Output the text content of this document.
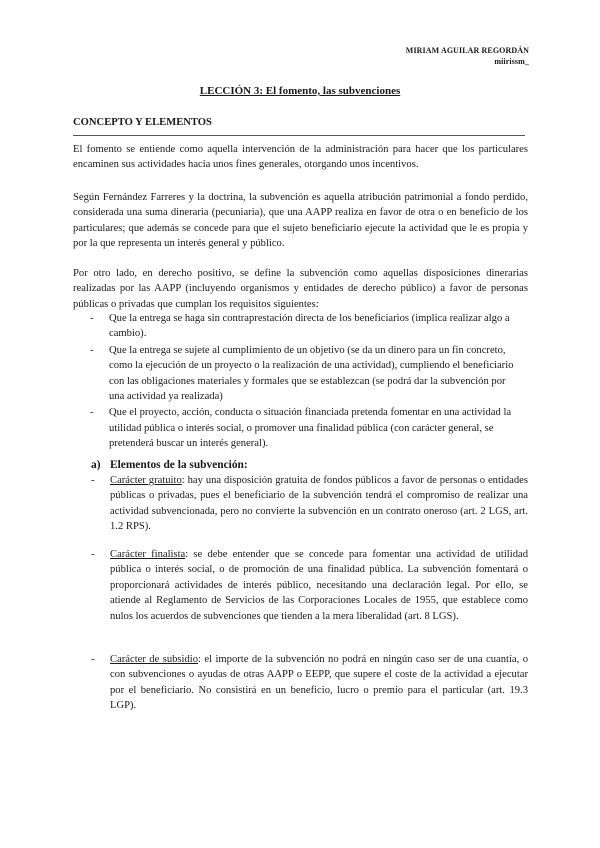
MIRIAM AGUILAR REGORDÁN
miirissm_
LECCIÓN 3: El fomento, las subvenciones
CONCEPTO Y ELEMENTOS
El fomento se entiende como aquella intervención de la administración para hacer que los particulares encaminen sus actividades hacia unos fines generales, otorgando unos incentivos.
Según Fernández Farreres y la doctrina, la subvención es aquella atribución patrimonial a fondo perdido, considerada una suma dineraria (pecuniaria), que una AAPP realiza en favor de otra o en beneficio de los particulares; que además se concede para que el sujeto beneficiario ejecute la actividad que le es propia y por la que representa un interés general y público.
Por otro lado, en derecho positivo, se define la subvención como aquellas disposiciones dinerarias realizadas por las AAPP (incluyendo organismos y entidades de derecho público) a favor de personas públicas o privadas que cumplan los requisitos siguientes:
- Que la entrega se haga sin contraprestación directa de los beneficiarios (implica realizar algo a cambio).
- Que la entrega se sujete al cumplimiento de un objetivo (se da un dinero para un fin concreto, como la ejecución de un proyecto o la realización de una actividad), cumpliendo el beneficiario con las obligaciones materiales y formales que se establezcan (se podrá dar la subvención por una actividad ya realizada)
- Que el proyecto, acción, conducta o situación financiada pretenda fomentar en una actividad la utilidad pública o interés social, o promover una finalidad pública (con carácter general, se pretenderá buscar un interés general).
a) Elementos de la subvención:
- Carácter gratuito: hay una disposición gratuita de fondos públicos a favor de personas o entidades públicas o privadas, pues el beneficiario de la subvención tendrá el compromiso de realizar una actividad subvencionada, pero no convierte la subvención en un contrato oneroso (art. 2 LGS, art. 1.2 RPS).
- Carácter finalista: se debe entender que se concede para fomentar una actividad de utilidad pública o interés social, o de promoción de una finalidad pública. La subvención fomentará o proporcionará actividades de interés público, necesitando una declaración legal. Por ello, se atiende al Reglamento de Servicios de las Corporaciones Locales de 1955, que establece como nulos los acuerdos de subvenciones que tienden a la mera liberalidad (art. 8 LGS).
- Carácter de subsidio: el importe de la subvención no podrá en ningún caso ser de una cuantía, o con subvenciones o ayudas de otras AAPP o EEPP, que supere el coste de la actividad a ejecutar por el beneficiario. No consistirá en un beneficio, lucro o premio para el particular (art. 19.3 LGP).
